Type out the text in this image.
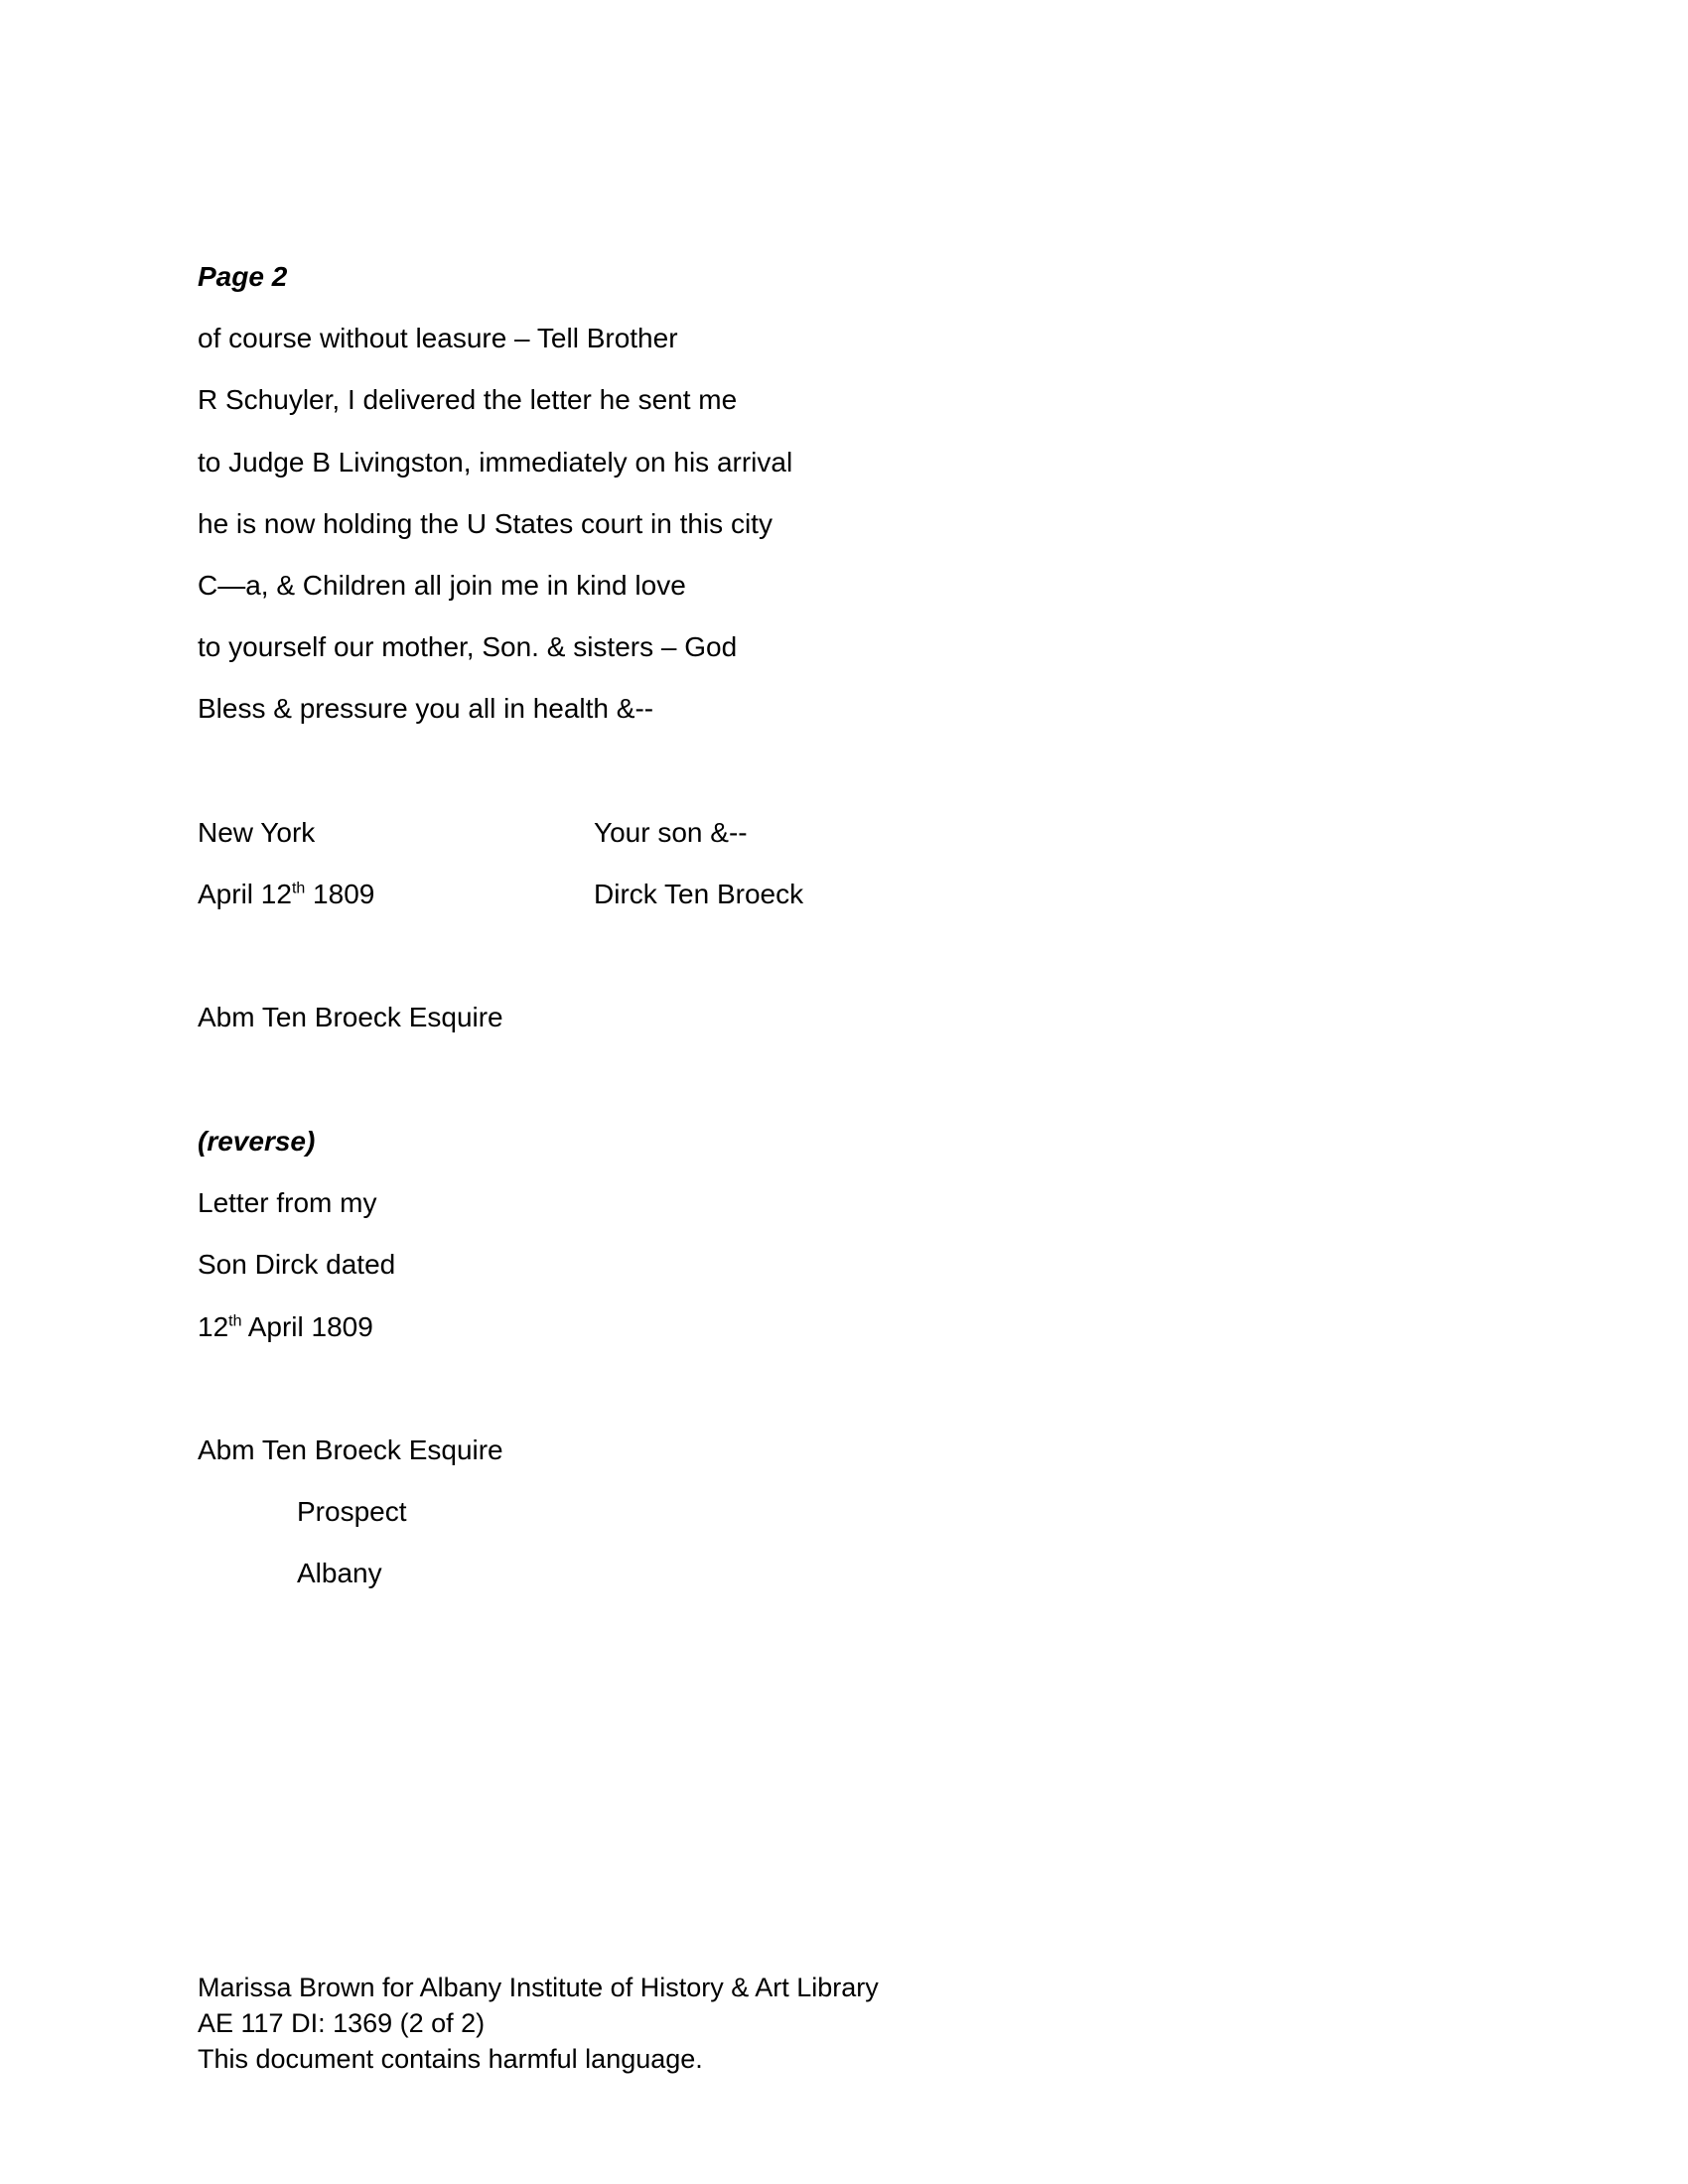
Page 2
of course without leasure – Tell Brother
R Schuyler, I delivered the letter he sent me
to Judge B Livingston, immediately on his arrival
he is now holding the U States court in this city
C—a, & Children all join me in kind love
to yourself our mother, Son. & sisters – God
Bless & pressure you all in health &--
New York	Your son &--
April 12th 1809	Dirck Ten Broeck
Abm Ten Broeck Esquire
(reverse)
Letter from my
Son Dirck dated
12th April 1809
Abm Ten Broeck Esquire
Prospect
Albany
Marissa Brown for Albany Institute of History & Art Library
AE 117 DI: 1369 (2 of 2)
This document contains harmful language.
